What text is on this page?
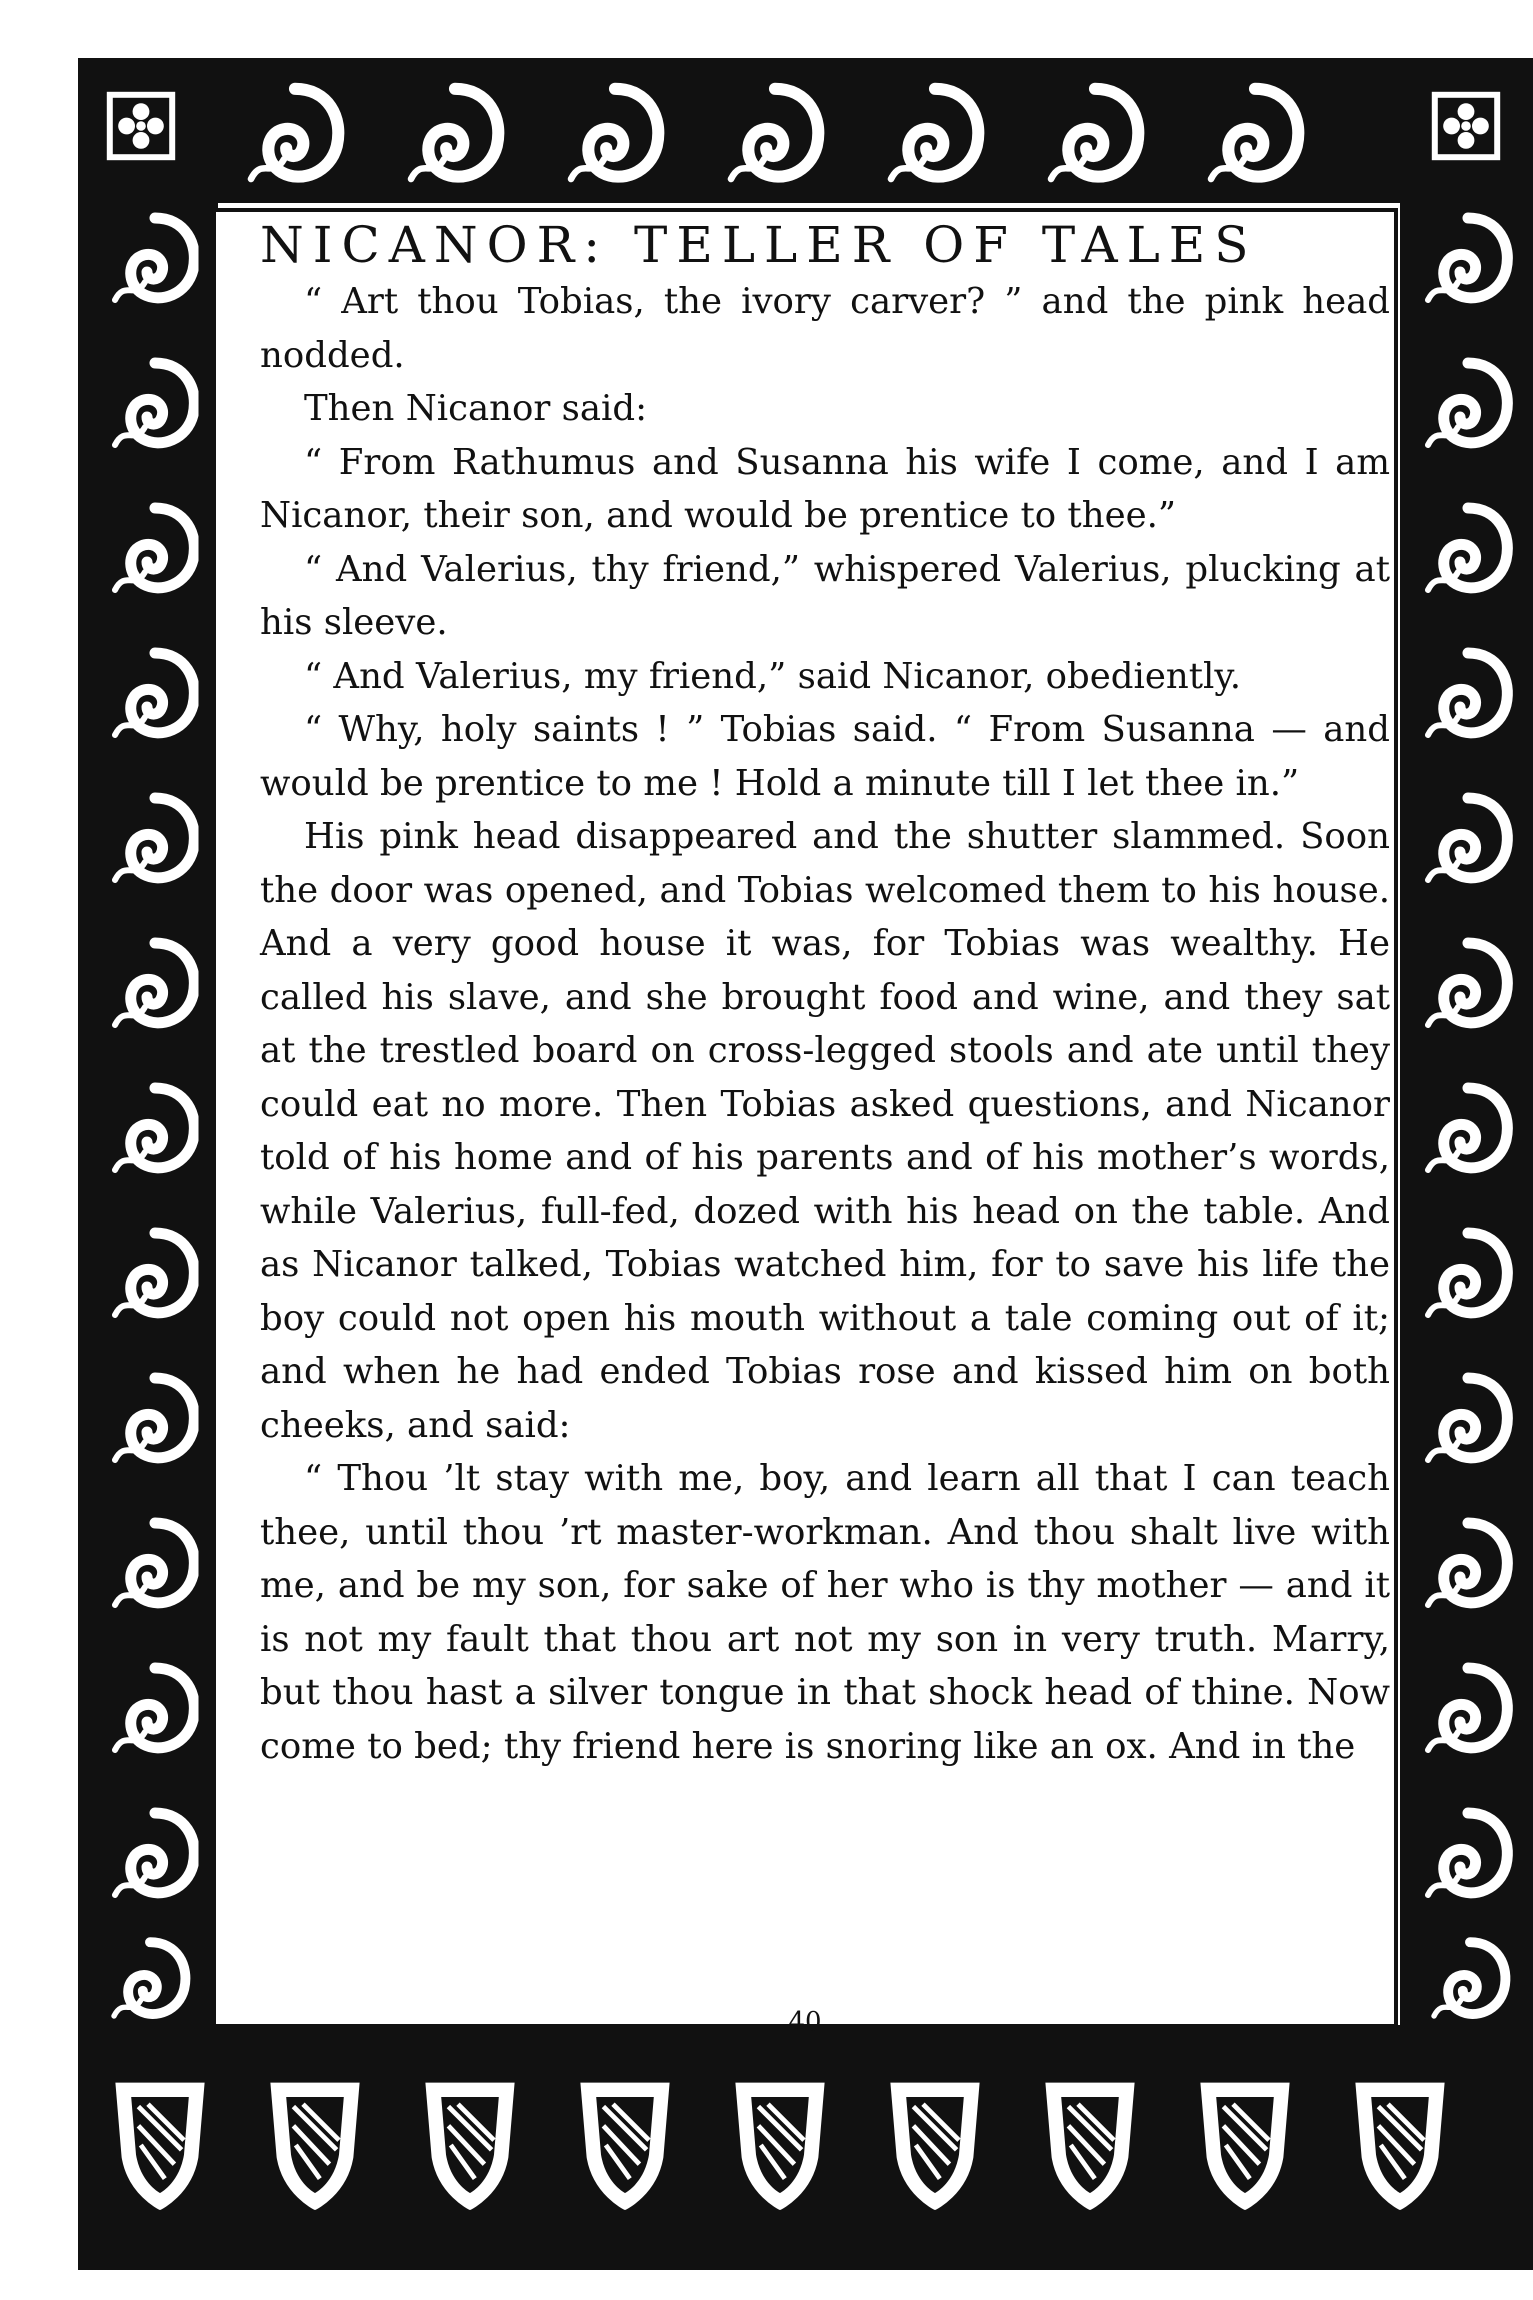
NICANOR: TELLER OF TALES

“ Art thou Tobias, the ivory carver? ” and the pink head nodded.

Then Nicanor said:

“ From Rathumus and Susanna his wife I come, and I am Nicanor, their son, and would be prentice to thee.”

“ And Valerius, thy friend,” whispered Valerius, plucking at his sleeve.

“ And Valerius, my friend,” said Nicanor, obediently.

“ Why, holy saints ! ” Tobias said. “ From Susanna — and would be prentice to me ! Hold a minute till I let thee in.”

His pink head disappeared and the shutter slammed. Soon the door was opened, and Tobias welcomed them to his house. And a very good house it was, for Tobias was wealthy. He called his slave, and she brought food and wine, and they sat at the trestled board on cross-legged stools and ate until they could eat no more. Then Tobias asked questions, and Nicanor told of his home and of his parents and of his mother’s words, while Valerius, full-fed, dozed with his head on the table. And as Nicanor talked, Tobias watched him, for to save his life the boy could not open his mouth without a tale coming out of it; and when he had ended Tobias rose and kissed him on both cheeks, and said:

“ Thou ’lt stay with me, boy, and learn all that I can teach thee, until thou ’rt master-workman. And thou shalt live with me, and be my son, for sake of her who is thy mother — and it is not my fault that thou art not my son in very truth. Marry, but thou hast a silver tongue in that shock head of thine. Now come to bed; thy friend here is snoring like an ox. And in the

40
